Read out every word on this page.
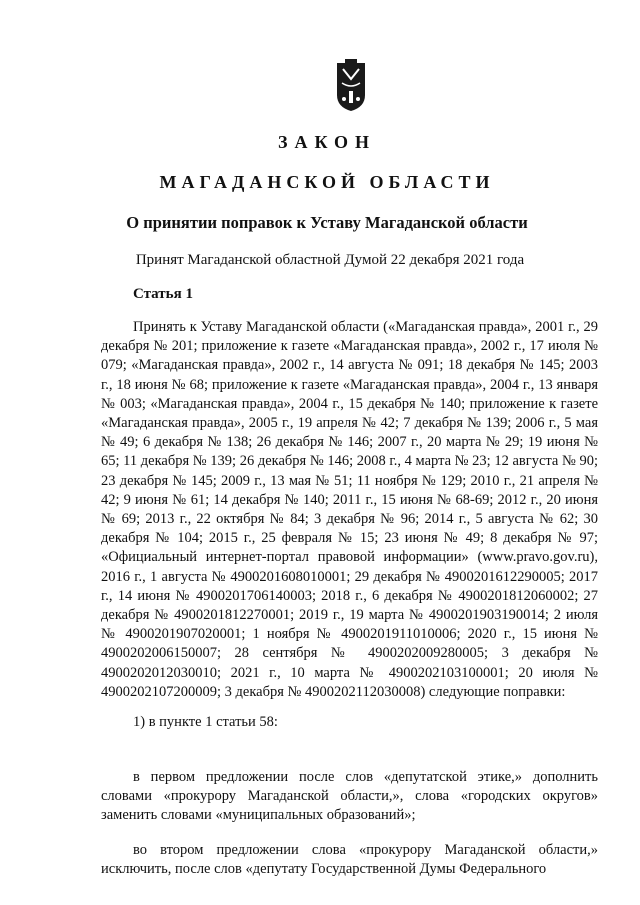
ЗАКОН
МАГАДАНСКОЙ ОБЛАСТИ
О принятии поправок к Уставу Магаданской области
Принят Магаданской областной Думой 22 декабря 2021 года
Статья 1
Принять к Уставу Магаданской области («Магаданская правда», 2001 г., 29 декабря № 201; приложение к газете «Магаданская правда», 2002 г., 17 июля № 079; «Магаданская правда», 2002 г., 14 августа № 091; 18 декабря № 145; 2003 г., 18 июня № 68; приложение к газете «Магаданская правда», 2004 г., 13 января № 003; «Магаданская правда», 2004 г., 15 декабря № 140; приложение к газете «Магаданская правда», 2005 г., 19 апреля № 42; 7 декабря № 139; 2006 г., 5 мая № 49; 6 декабря № 138; 26 декабря № 146; 2007 г., 20 марта № 29; 19 июня № 65; 11 декабря № 139; 26 декабря № 146; 2008 г., 4 марта № 23; 12 августа № 90; 23 декабря № 145; 2009 г., 13 мая № 51; 11 ноября № 129; 2010 г., 21 апреля № 42; 9 июня № 61; 14 декабря № 140; 2011 г., 15 июня № 68-69; 2012 г., 20 июня № 69; 2013 г., 22 октября № 84; 3 декабря № 96; 2014 г., 5 августа № 62; 30 декабря № 104; 2015 г., 25 февраля № 15; 23 июня № 49; 8 декабря № 97; «Официальный интернет-портал правовой информации» (www.pravo.gov.ru), 2016 г., 1 августа № 4900201608010001; 29 декабря № 4900201612290005; 2017 г., 14 июня № 4900201706140003; 2018 г., 6 декабря № 4900201812060002; 27 декабря № 4900201812270001; 2019 г., 19 марта № 4900201903190014; 2 июля № 4900201907020001; 1 ноября № 4900201911010006; 2020 г., 15 июня № 4900202006150007; 28 сентября № 4900202009280005; 3 декабря № 4900202012030010; 2021 г., 10 марта № 4900202103100001; 20 июля № 4900202107200009; 3 декабря № 4900202112030008) следующие поправки:
1) в пункте 1 статьи 58:
в первом предложении после слов «депутатской этике,» дополнить словами «прокурору Магаданской области,», слова «городских округов» заменить словами «муниципальных образований»;
во втором предложении слова «прокурору Магаданской области,» исключить, после слов «депутату Государственной Думы Федерального
